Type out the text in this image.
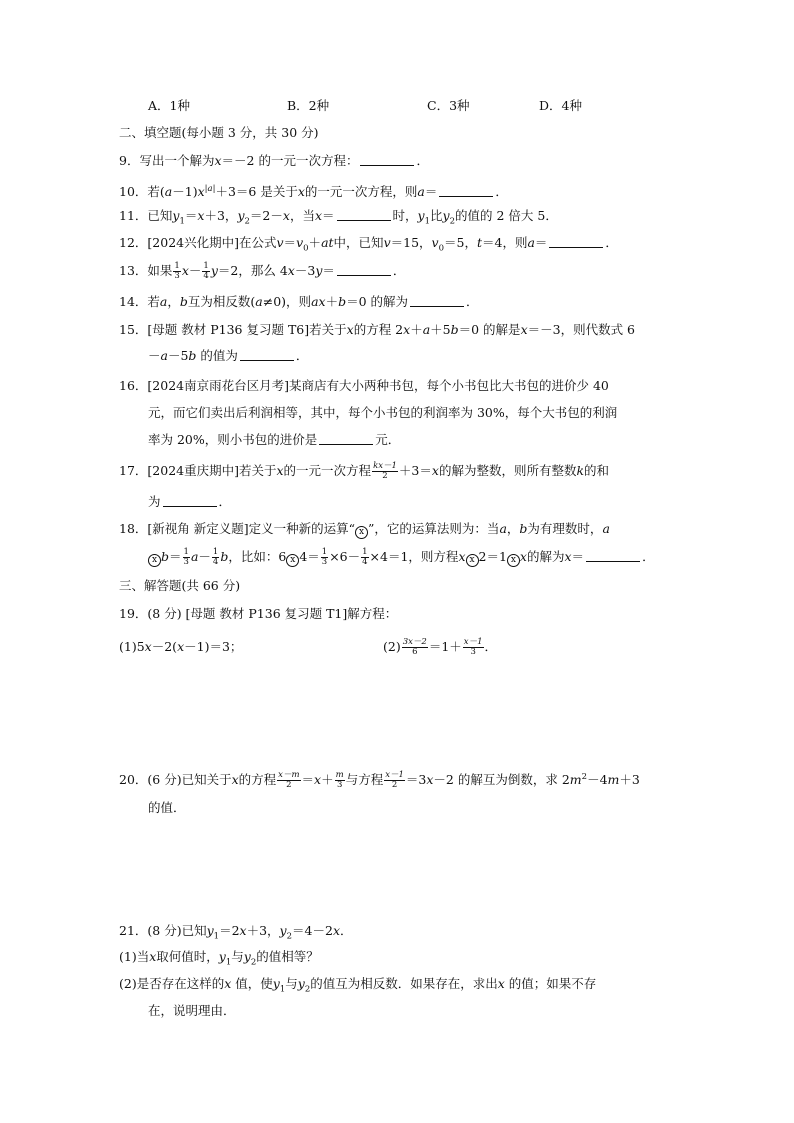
A．1种	B．2种	C．3种	D．4种
二、填空题(每小题 3 分，共 30 分)
9．写出一个解为x＝－2 的一元一次方程：	．
10．若$(a-1)x^{|a|}+3=6$ 是关于x的一元一次方程，则a＝	．
11．已知$y_1=x+3$，$y_2=2-x$，当x＝	时，$y_1$比$y_2$的值的 2 倍大 5．
12．[2024兴化期中]在公式$v=v_0+at$中，已知v＝15，$v_0=5$，t＝4，则a＝	．
13．如果 $\frac{1}{3} x- \frac{1}{4} y=2$，那么 4x－3y＝	．
14．若a，b互为相反数(a≠0)，则ax＋b＝0 的解为	．
15．[母题 教材 P136 复习题 T6]若关于x的方程 2x＋a＋5b＝0 的解是x＝－3，则代数式 6
－a－5b 的值为	．
16．[2024南京雨花台区月考]某商店有大小两种书包，每个小书包比大书包的进价少 40
元，而它们卖出后利润相等，其中，每个小书包的利润率为 30%，每个大书包的利润
率为 20%，则小书包的进价是	元．
17．[2024重庆期中]若关于x的一元一次方程 $\frac{kx-1}{2} +3=x$的解为整数，则所有整数k的和
为	．
18．[新视角 新定义题]定义一种新的运算“ x ”，它的运算法则为：当a，b为有理数时，a
x $b= \frac{1}{3} a- \frac{1}{4}$ b，比如：6 x $4= \frac{1}{3} \times 6- \frac{1}{4} \times 4=1$，则方程x x 2＝1 x x的解为x＝	．
三、解答题(共 66 分)
19．(8 分) [母题 教材 P136 复习题 T1]解方程：
(1)5x－2(x－1)＝3；	$(2) \frac{3x-2}{6} =1+ \frac{x-1}{3}$ ．
20．(6 分)已知关于x的方程 $\frac{x-m}{2} =x+ \frac{m}{3}$ 与方程 $\frac{x-1}{2} =3x-2$ 的解互为倒数，求 $2m^2-4m+3$
的值．
21．(8 分)已知$y_1=2x+3$，$y_2=4-2x$．
(1)当x取何值时，$y_1$与$y_2$的值相等？
(2)是否存在这样的x 值，使$y_1$与$y_2$的值互为相反数．如果存在，求出x 的值；如果不存
在，说明理由．
